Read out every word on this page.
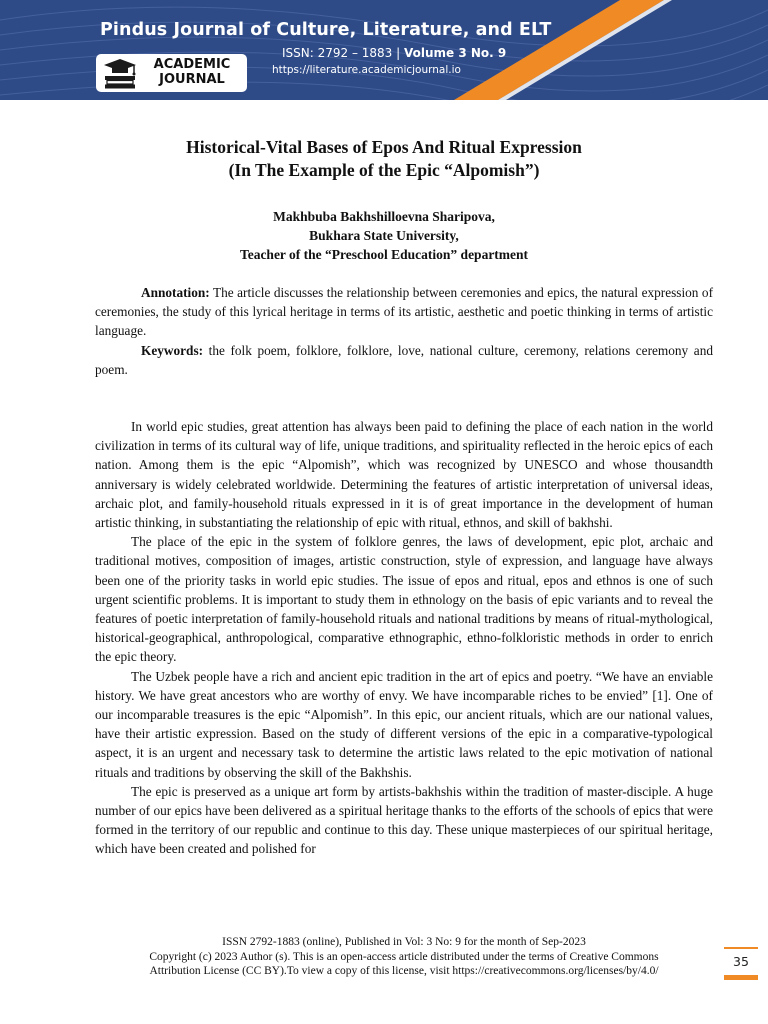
Pindus Journal of Culture, Literature, and ELT
ISSN: 2792 – 1883 | Volume 3 No. 9
https://literature.academicjournal.io
ACADEMIC
JOURNAL
Historical-Vital Bases of Epos And Ritual Expression
(In The Example of the Epic “Alpomish”)
Makhbuba Bakhshilloevna Sharipova,
Bukhara State University,
Teacher of the “Preschool Education” department

Annotation: The article discusses the relationship between ceremonies and epics, the natural expression of ceremonies, the study of this lyrical heritage in terms of its artistic, aesthetic and poetic thinking in terms of artistic language.

Keywords: the folk poem, folklore, folklore, love, national culture, ceremony, relations ceremony and poem.

In world epic studies, great attention has always been paid to defining the place of each nation in the world civilization in terms of its cultural way of life, unique traditions, and spirituality reflected in the heroic epics of each nation. Among them is the epic “Alpomish”, which was recognized by UNESCO and whose thousandth anniversary is widely celebrated worldwide. Determining the features of artistic interpretation of universal ideas, archaic plot, and family-household rituals expressed in it is of great importance in the development of human artistic thinking, in substantiating the relationship of epic with ritual, ethnos, and skill of bakhshi.

The place of the epic in the system of folklore genres, the laws of development, epic plot, archaic and traditional motives, composition of images, artistic construction, style of expression, and language have always been one of the priority tasks in world epic studies. The issue of epos and ritual, epos and ethnos is one of such urgent scientific problems. It is important to study them in ethnology on the basis of epic variants and to reveal the features of poetic interpretation of family-household rituals and national traditions by means of ritual-mythological, historical-geographical, anthropological, comparative ethnographic, ethno-folkloristic methods in order to enrich the epic theory.

The Uzbek people have a rich and ancient epic tradition in the art of epics and poetry. “We have an enviable history. We have great ancestors who are worthy of envy. We have incomparable riches to be envied” [1]. One of our incomparable treasures is the epic “Alpomish”. In this epic, our ancient rituals, which are our national values, have their artistic expression. Based on the study of different versions of the epic in a comparative-typological aspect, it is an urgent and necessary task to determine the artistic laws related to the epic motivation of national rituals and traditions by observing the skill of the Bakhshis.

The epic is preserved as a unique art form by artists-bakhshis within the tradition of master-disciple. A huge number of our epics have been delivered as a spiritual heritage thanks to the efforts of the schools of epics that were formed in the territory of our republic and continue to this day. These unique masterpieces of our spiritual heritage, which have been created and polished for

ISSN 2792-1883 (online), Published in Vol: 3 No: 9 for the month of Sep-2023
Copyright (c) 2023 Author (s). This is an open-access article distributed under the terms of Creative Commons
Attribution License (CC BY).To view a copy of this license, visit https://creativecommons.org/licenses/by/4.0/
35
